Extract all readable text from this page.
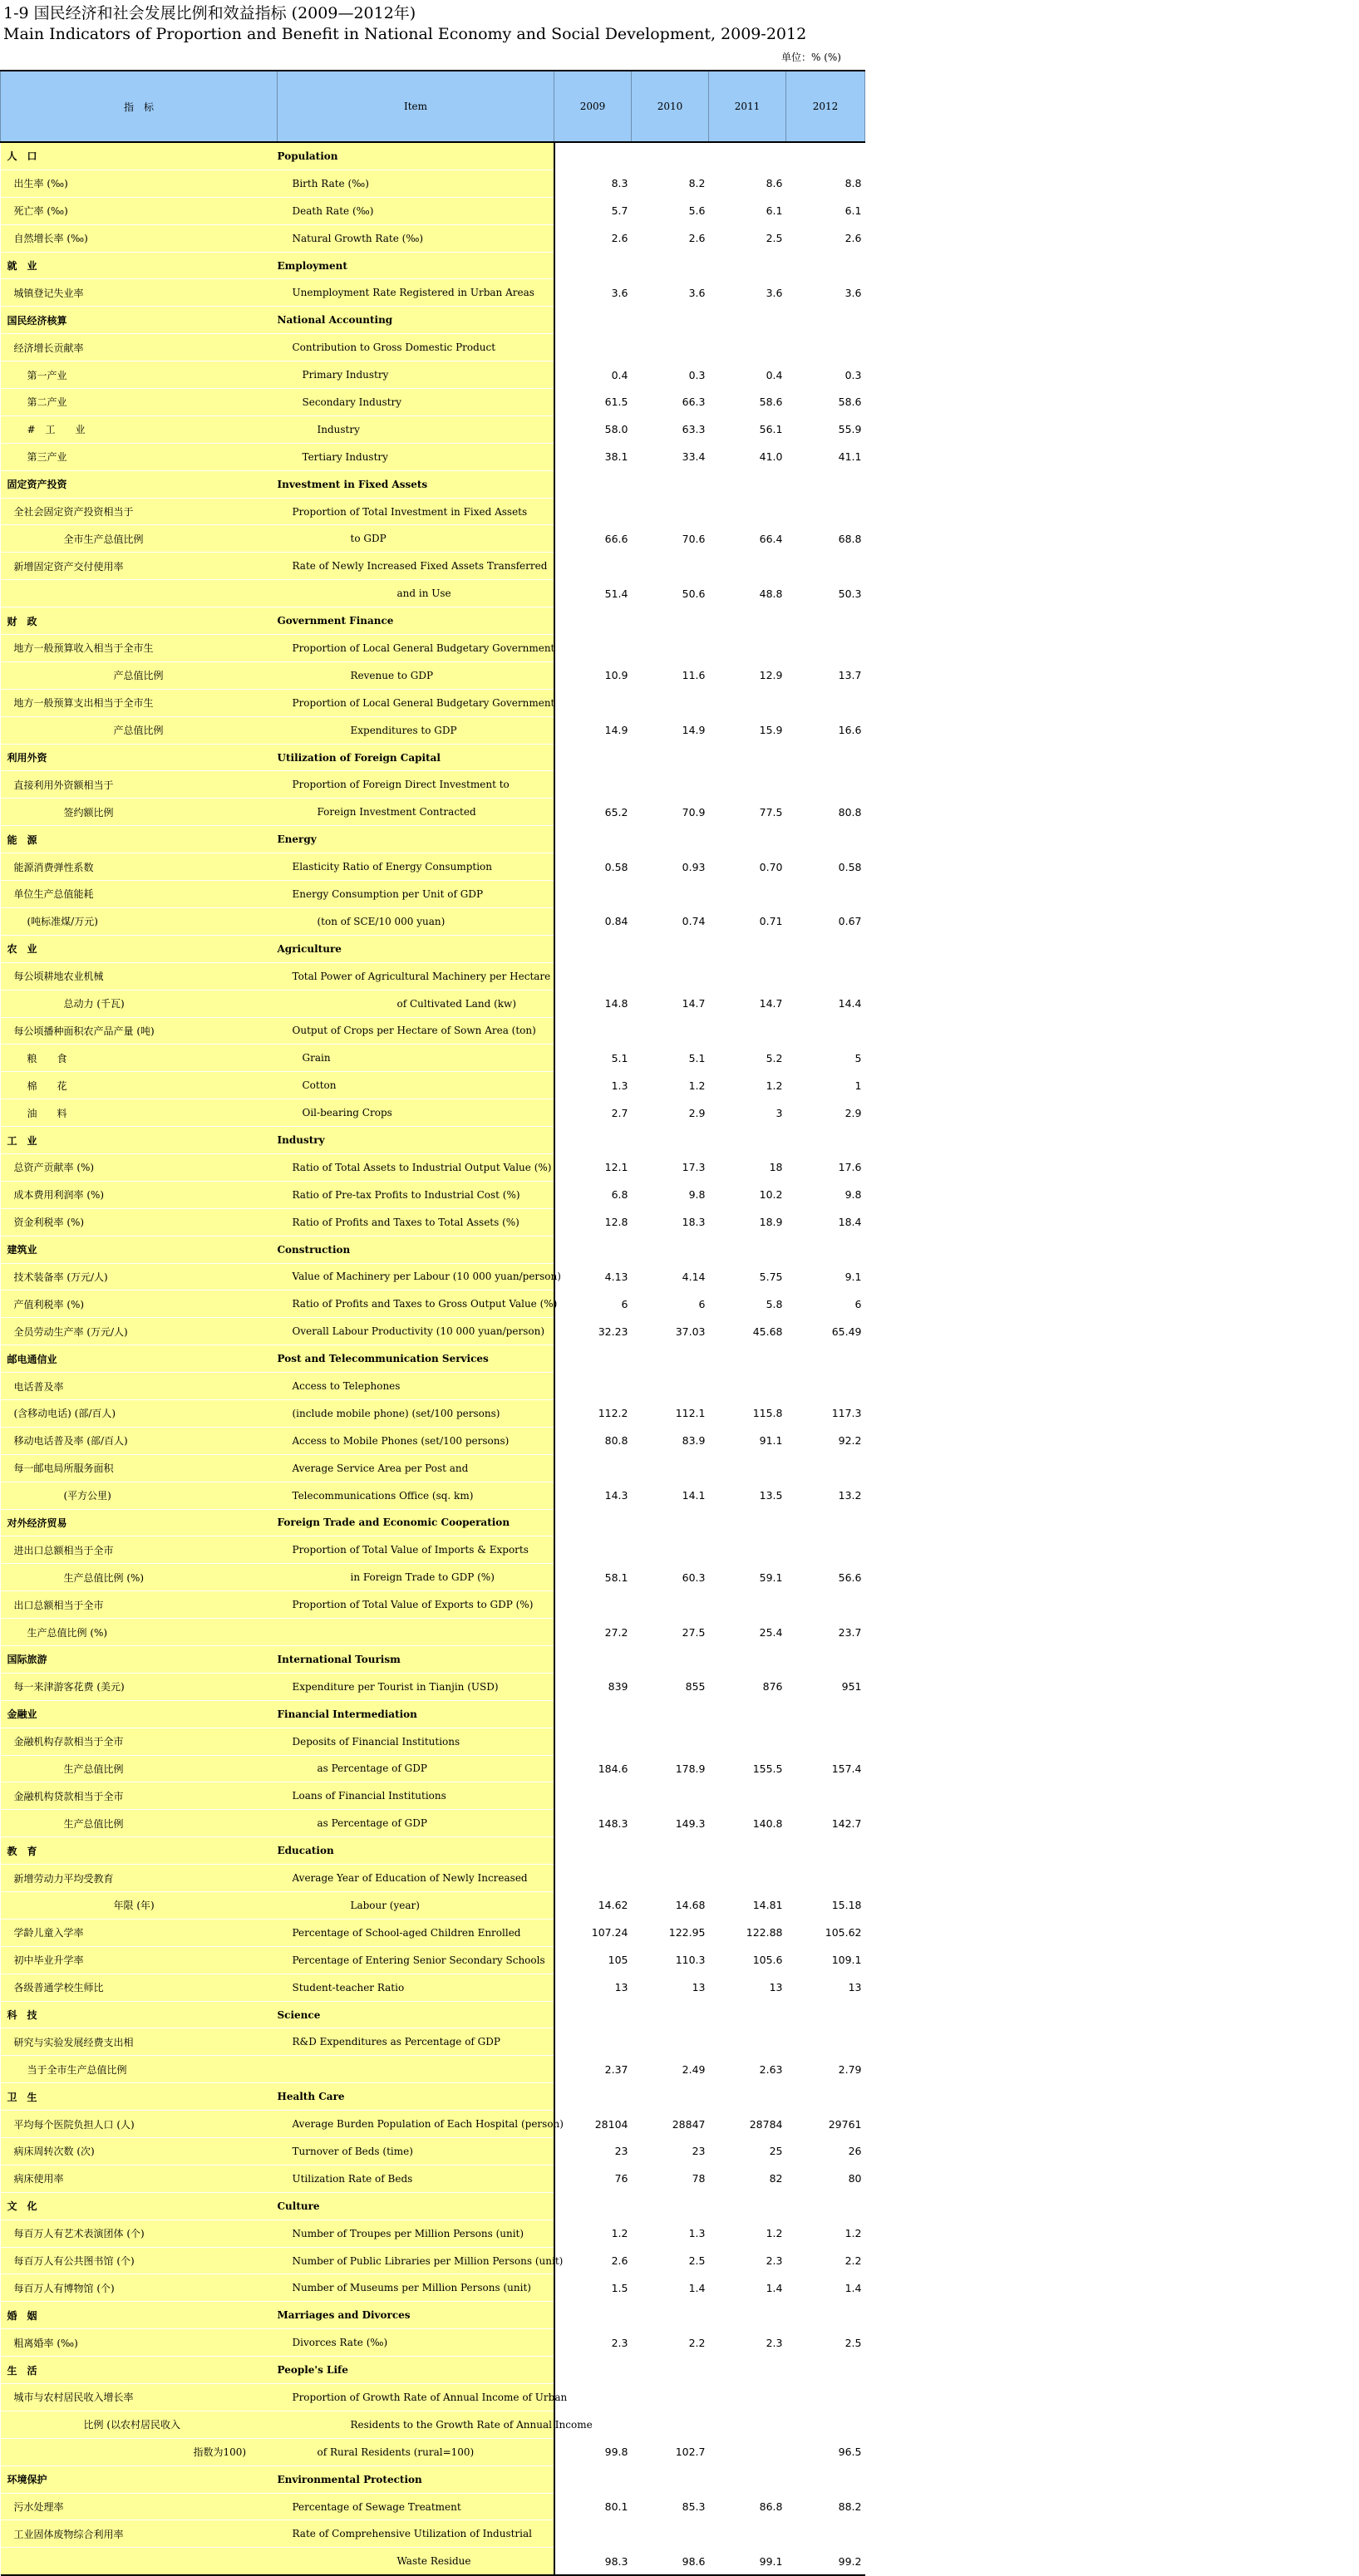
1-9 国民经济和社会发展比例和效益指标 (2009—2012年)
Main Indicators of Proportion and Benefit in National Economy and Social Development, 2009-2012
单位：% (%)
指　标	Item	2009	2010	2011	2012
人　口	Population				
出生率 (‰)	Birth Rate (‰)	8.3	8.2	8.6	8.8
死亡率 (‰)	Death Rate (‰)	5.7	5.6	6.1	6.1
自然增长率 (‰)	Natural Growth Rate (‰)	2.6	2.6	2.5	2.6
就　业	Employment				
城镇登记失业率	Unemployment Rate Registered in Urban Areas	3.6	3.6	3.6	3.6
国民经济核算	National Accounting				
经济增长贡献率	Contribution to Gross Domestic Product				
第一产业	Primary Industry	0.4	0.3	0.4	0.3
第二产业	Secondary Industry	61.5	66.3	58.6	58.6
#　工　　业	Industry	58.0	63.3	56.1	55.9
第三产业	Tertiary Industry	38.1	33.4	41.0	41.1
固定资产投资	Investment in Fixed Assets				
全社会固定资产投资相当于	Proportion of Total Investment in Fixed Assets				
全市生产总值比例	to GDP	66.6	70.6	66.4	68.8
新增固定资产交付使用率	Rate of Newly Increased Fixed Assets Transferred				
	and in Use	51.4	50.6	48.8	50.3
财　政	Government Finance				
地方一般预算收入相当于全市生	Proportion of Local General Budgetary Government				
产总值比例	Revenue to GDP	10.9	11.6	12.9	13.7
地方一般预算支出相当于全市生	Proportion of Local General Budgetary Government				
产总值比例	Expenditures to GDP	14.9	14.9	15.9	16.6
利用外资	Utilization of Foreign Capital				
直接利用外资额相当于	Proportion of Foreign Direct Investment to				
签约额比例	Foreign Investment Contracted	65.2	70.9	77.5	80.8
能　源	Energy				
能源消费弹性系数	Elasticity Ratio of Energy Consumption	0.58	0.93	0.70	0.58
单位生产总值能耗	Energy Consumption per Unit of GDP				
(吨标准煤/万元)	(ton of SCE/10 000 yuan)	0.84	0.74	0.71	0.67
农　业	Agriculture				
每公顷耕地农业机械	Total Power of Agricultural Machinery per Hectare				
总动力 (千瓦)	of Cultivated Land (kw)	14.8	14.7	14.7	14.4
每公顷播种面积农产品产量 (吨)	Output of Crops per Hectare of Sown Area (ton)				
粮　　食	Grain	5.1	5.1	5.2	5
棉　　花	Cotton	1.3	1.2	1.2	1
油　　料	Oil-bearing Crops	2.7	2.9	3	2.9
工　业	Industry				
总资产贡献率 (%)	Ratio of Total Assets to Industrial Output Value (%)	12.1	17.3	18	17.6
成本费用利润率 (%)	Ratio of Pre-tax Profits to Industrial Cost (%)	6.8	9.8	10.2	9.8
资金利税率 (%)	Ratio of Profits and Taxes to Total Assets (%)	12.8	18.3	18.9	18.4
建筑业	Construction				
技术装备率 (万元/人)	Value of Machinery per Labour (10 000 yuan/person)	4.13	4.14	5.75	9.1
产值利税率 (%)	Ratio of Profits and Taxes to Gross Output Value (%)	6	6	5.8	6
全员劳动生产率 (万元/人)	Overall Labour Productivity (10 000 yuan/person)	32.23	37.03	45.68	65.49
邮电通信业	Post and Telecommunication Services				
电话普及率	Access to Telephones				
(含移动电话) (部/百人)	(include mobile phone) (set/100 persons)	112.2	112.1	115.8	117.3
移动电话普及率 (部/百人)	Access to Mobile Phones (set/100 persons)	80.8	83.9	91.1	92.2
每一邮电局所服务面积	Average Service Area per Post and				
(平方公里)	Telecommunications Office (sq. km)	14.3	14.1	13.5	13.2
对外经济贸易	Foreign Trade and Economic Cooperation				
进出口总额相当于全市	Proportion of Total Value of Imports & Exports				
生产总值比例 (%)	in Foreign Trade to GDP (%)	58.1	60.3	59.1	56.6
出口总额相当于全市	Proportion of Total Value of Exports to GDP (%)				
生产总值比例 (%)		27.2	27.5	25.4	23.7
国际旅游	International Tourism				
每一来津游客花费 (美元)	Expenditure per Tourist in Tianjin (USD)	839	855	876	951
金融业	Financial Intermediation				
金融机构存款相当于全市	Deposits of Financial Institutions				
生产总值比例	as Percentage of GDP	184.6	178.9	155.5	157.4
金融机构贷款相当于全市	Loans of Financial Institutions				
生产总值比例	as Percentage of GDP	148.3	149.3	140.8	142.7
教　育	Education				
新增劳动力平均受教育	Average Year of Education of Newly Increased				
年限 (年)	Labour (year)	14.62	14.68	14.81	15.18
学龄儿童入学率	Percentage of School-aged Children Enrolled	107.24	122.95	122.88	105.62
初中毕业升学率	Percentage of Entering Senior Secondary Schools	105	110.3	105.6	109.1
各级普通学校生师比	Student-teacher Ratio	13	13	13	13
科　技	Science				
研究与实验发展经费支出相	R&D Expenditures as Percentage of GDP				
当于全市生产总值比例		2.37	2.49	2.63	2.79
卫　生	Health Care				
平均每个医院负担人口 (人)	Average Burden Population of Each Hospital (person)	28104	28847	28784	29761
病床周转次数 (次)	Turnover of Beds (time)	23	23	25	26
病床使用率	Utilization Rate of Beds	76	78	82	80
文　化	Culture				
每百万人有艺术表演团体 (个)	Number of Troupes per Million Persons (unit)	1.2	1.3	1.2	1.2
每百万人有公共图书馆 (个)	Number of Public Libraries per Million Persons (unit)	2.6	2.5	2.3	2.2
每百万人有博物馆 (个)	Number of Museums per Million Persons (unit)	1.5	1.4	1.4	1.4
婚　姻	Marriages and Divorces				
粗离婚率 (‰)	Divorces Rate (‰)	2.3	2.2	2.3	2.5
生　活	People's Life				
城市与农村居民收入增长率	Proportion of Growth Rate of Annual Income of Urban				
比例 (以农村居民收入	Residents to the Growth Rate of Annual Income				
指数为100)	of Rural Residents (rural=100)	99.8	102.7		96.5
环境保护	Environmental Protection				
污水处理率	Percentage of Sewage Treatment	80.1	85.3	86.8	88.2
工业固体废物综合利用率	Rate of Comprehensive Utilization of Industrial				
	Waste Residue	98.3	98.6	99.1	99.2
